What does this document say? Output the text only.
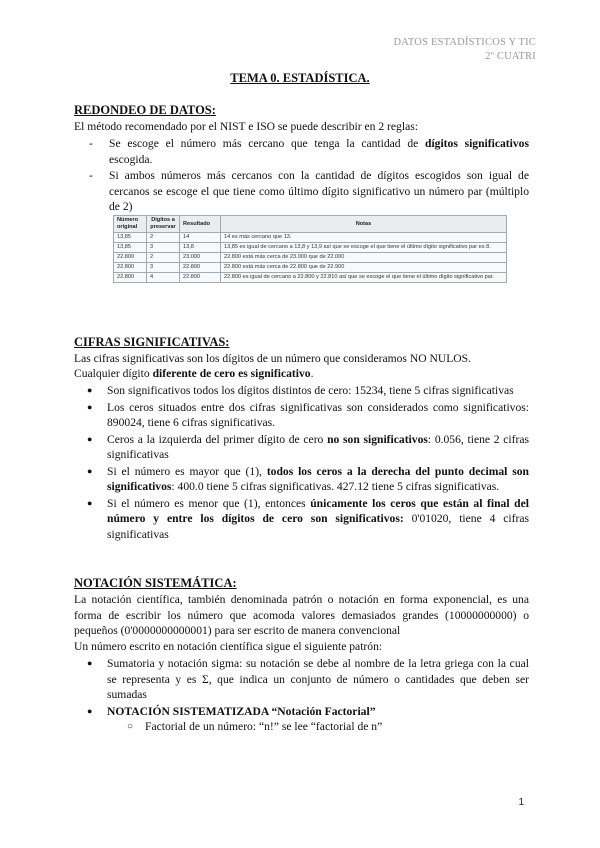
DATOS ESTADÍSTICOS Y TIC
2º CUATRI
TEMA 0. ESTADÍSTICA.
REDONDEO DE DATOS:
El método recomendado por el NIST e ISO se puede describir en 2 reglas:
- Se escoge el número más cercano que tenga la cantidad de dígitos significativos escogida.
- Si ambos números más cercanos con la cantidad de dígitos escogidos son igual de cercanos se escoge el que tiene como último dígito significativo un número par (múltiplo de 2)
Número original	Dígitos a preservar	Resultado	Notas
13,85	2	14	14 es más cercano que 13.
13,85	3	13,8	13,85 es igual de cercano a 13,8 y 13,9 así que se escoge el que tiene el último dígito significativo par es 8.
22.800	2	23.000	22.800 está más cerca de 23.000 que de 22.000
22.800	3	22.800	22.800 está más cerca de 22.800 que de 22.900
22.800	4	22.800	22.800 es igual de cercano a 22.800 y 22.810 así que se escoge el que tiene el último dígito significativo par.
CIFRAS SIGNIFICATIVAS:
Las cifras significativas son los dígitos de un número que consideramos NO NULOS.
Cualquier dígito diferente de cero es significativo.
● Son significativos todos los dígitos distintos de cero: 15234, tiene 5 cifras significativas
● Los ceros situados entre dos cifras significativas son considerados como significativos: 890024, tiene 6 cifras significativas.
● Ceros a la izquierda del primer dígito de cero no son significativos: 0.056, tiene 2 cifras significativas
● Si el número es mayor que (1), todos los ceros a la derecha del punto decimal son significativos: 400.0 tiene 5 cifras significativas. 427.12 tiene 5 cifras significativas.
● Si el número es menor que (1), entonces únicamente los ceros que están al final del número y entre los dígitos de cero son significativos: 0'01020, tiene 4 cifras significativas
NOTACIÓN SISTEMÁTICA:
La notación científica, también denominada patrón o notación en forma exponencial, es una forma de escribir los número que acomoda valores demasiados grandes (10000000000) o pequeños (0'0000000000001) para ser escrito de manera convencional
Un número escrito en notación científica sigue el siguiente patrón:
● Sumatoria y notación sigma: su notación se debe al nombre de la letra griega con la cual se representa y es Σ, que indica un conjunto de número o cantidades que deben ser sumadas
● NOTACIÓN SISTEMATIZADA “Notación Factorial”
○ Factorial de un número: “n!” se lee “factorial de n”
1
